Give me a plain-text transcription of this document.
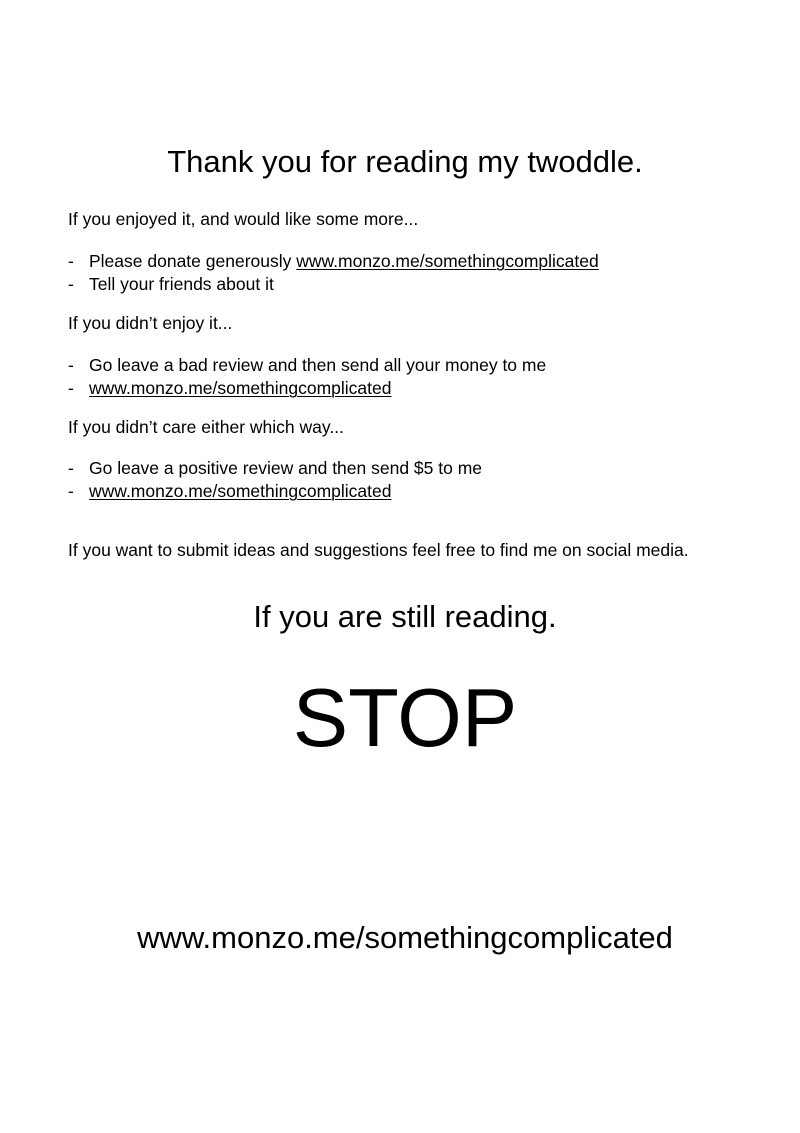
Thank you for reading my twoddle.
If you enjoyed it, and would like some more...
- Please donate generously www.monzo.me/somethingcomplicated
- Tell your friends about it
If you didn’t enjoy it...
- Go leave a bad review and then send all your money to me
- www.monzo.me/somethingcomplicated
If you didn’t care either which way...
- Go leave a positive review and then send $5 to me
- www.monzo.me/somethingcomplicated
If you want to submit ideas and suggestions feel free to find me on social media.
If you are still reading.
STOP
www.monzo.me/somethingcomplicated
